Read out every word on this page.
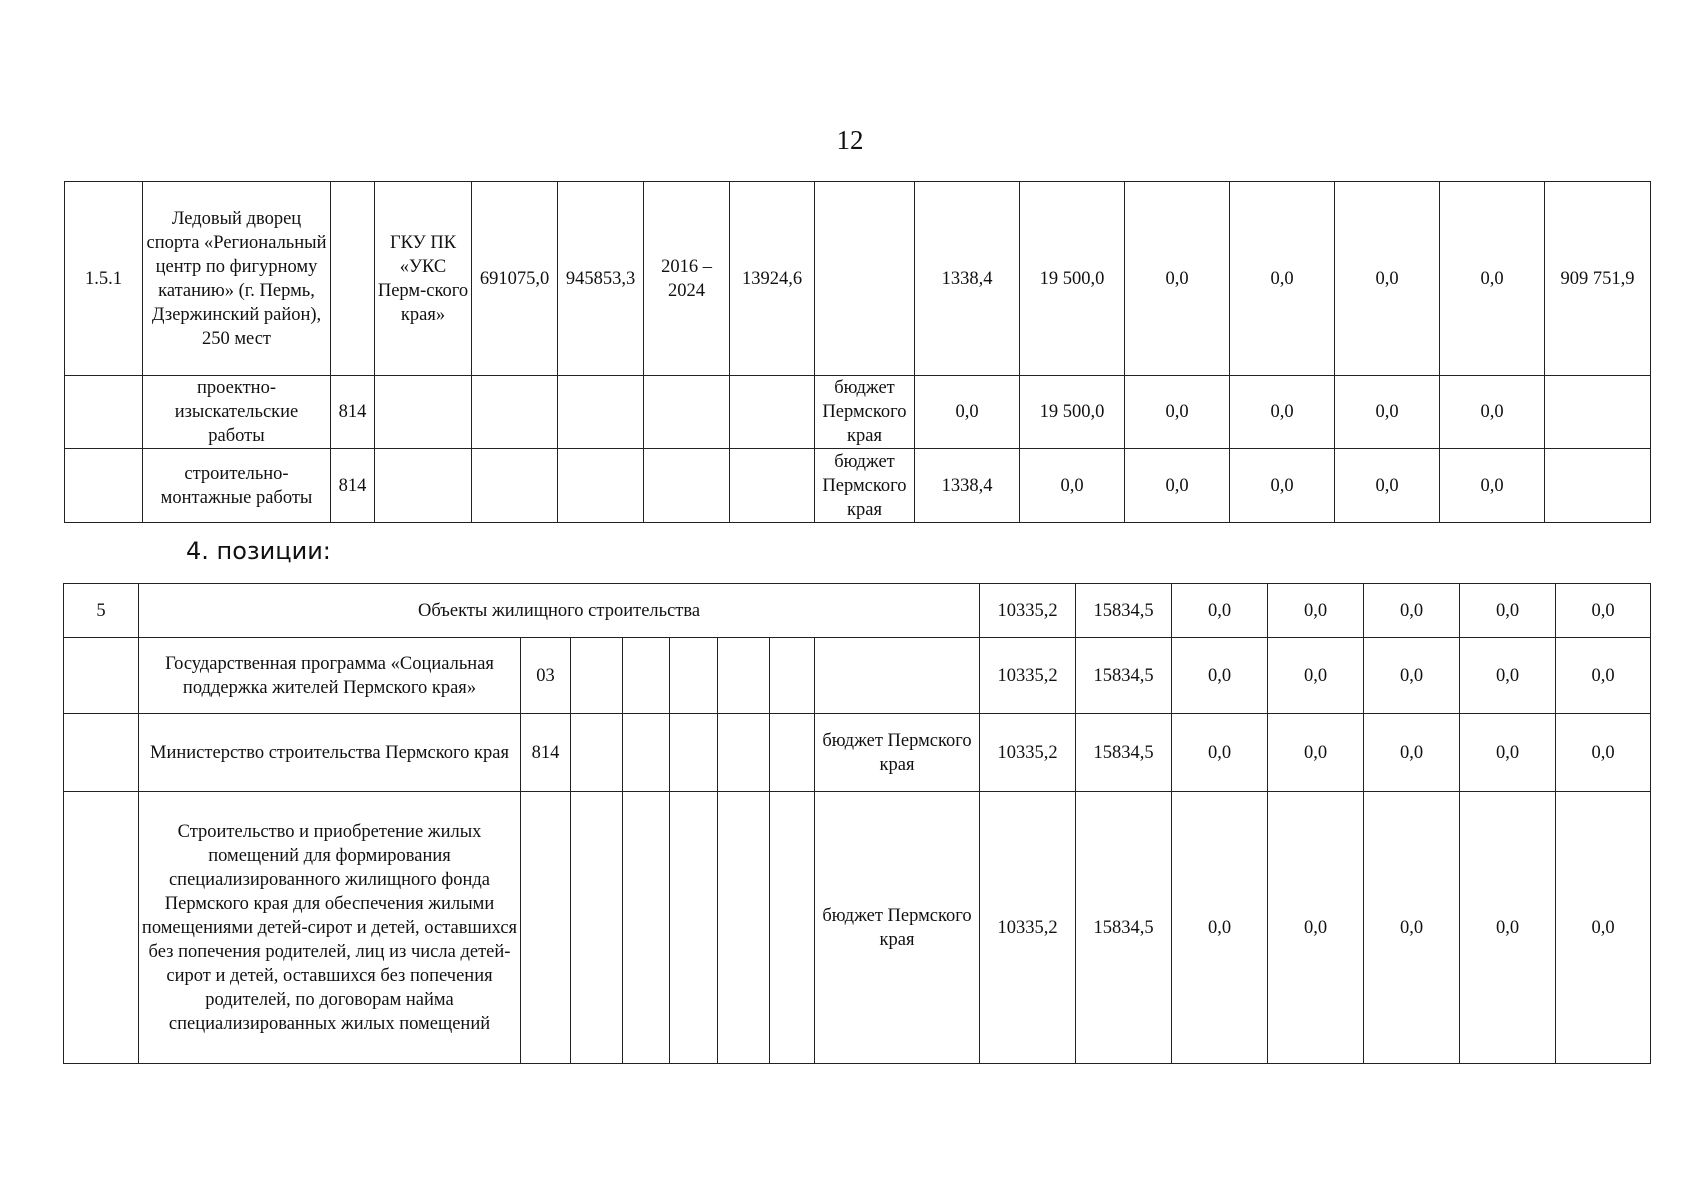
12
1.5.1	Ледовый дворец спорта «Региональный центр по фигурному катанию» (г. Пермь, Дзержинский район), 250 мест		ГКУ ПК «УКС Перм-ского края»	691075,0	945853,3	2016 – 2024	13924,6		1338,4	19 500,0	0,0	0,0	0,0	0,0	909 751,9
	проектно-изыскательские работы	814						бюджет Пермского края	0,0	19 500,0	0,0	0,0	0,0	0,0	
	строительно-монтажные работы	814						бюджет Пермского края	1338,4	0,0	0,0	0,0	0,0	0,0	
4. позиции:
5	Объекты жилищного строительства								10335,2	15834,5	0,0	0,0	0,0	0,0	0,0
	Государственная программа «Социальная поддержка жителей Пермского края»	03							10335,2	15834,5	0,0	0,0	0,0	0,0	0,0
	Министерство строительства Пермского края	814						бюджет Пермского края	10335,2	15834,5	0,0	0,0	0,0	0,0	0,0
	Строительство и приобретение жилых помещений для формирования специализированного жилищного фонда Пермского края для обеспечения жилыми помещениями детей-сирот и детей, оставшихся без попечения родителей, лиц из числа детей-сирот и детей, оставшихся без попечения родителей, по договорам найма специализированных жилых помещений							бюджет Пермского края	10335,2	15834,5	0,0	0,0	0,0	0,0	0,0
